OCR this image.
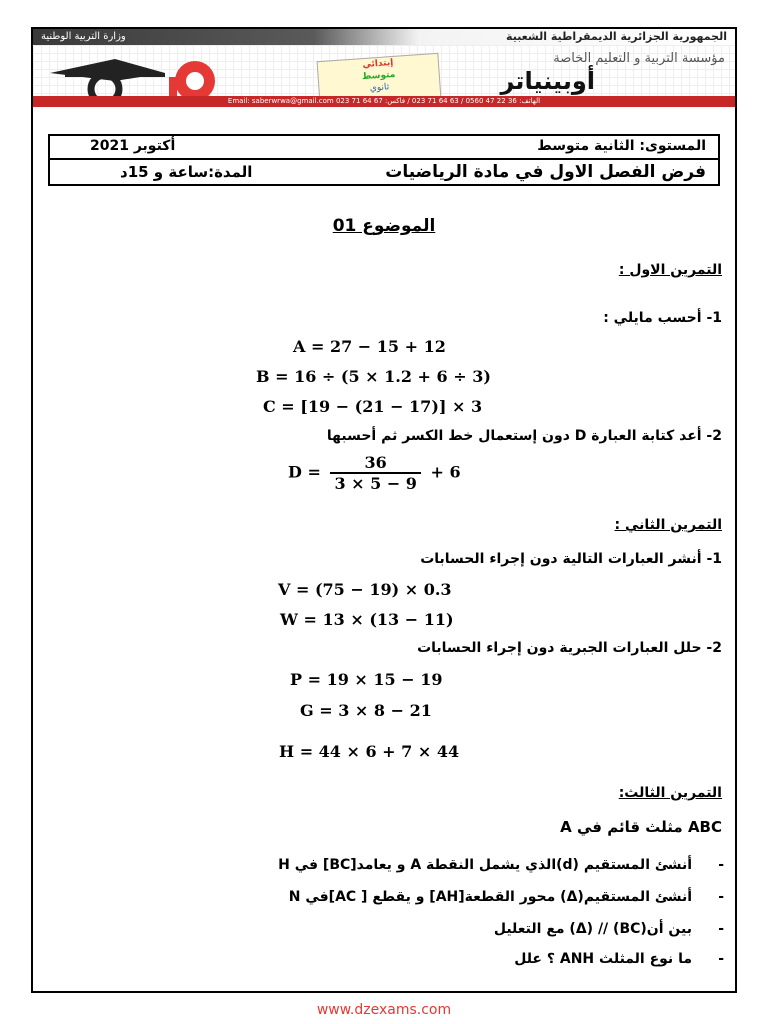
الجمهورية الجزائرية الديمقراطية الشعبية
وزارة التربية الوطنية
إبتدائي
متوسط
ثانوي
مؤسسة التربية و التعليم الخاصة
أوبينياتر
الهاتف: 36 22 47 0560 / 63 64 71 023 / فاكس: 67 64 71 023 Email: saberwrwa@gmail.com
المستوى: الثانية متوسط
أكتوبر 2021
فرض الفصل الاول في مادة الرياضيات
المدة:ساعة و 15د
الموضوع 01
التمرين الاول :
1- أحسب مايلي :
A = 27 − 15 + 12
B = 16 ÷ (5 × 1.2 + 6 ÷ 3)
C = [19 − (21 − 17)] × 3
2- أعد كتابة العبارة D دون إستعمال خط الكسر ثم أحسبها
$D = \frac{36}{3 \times 5 - 9} + 6$
التمرين الثاني :
1- أنشر العبارات التالية دون إجراء الحسابات
V = (75 − 19) × 0.3
W = 13 × (13 − 11)
2- حلل العبارات الجبرية دون إجراء الحسابات
P = 19 × 15 − 19
G = 3 × 8 − 21
H = 44 × 6 + 7 × 44
التمرين الثالث:
ABC مثلث قائم في A
-
أنشئ المستقيم (d)الذي يشمل النقطة A و يعامد[BC] في H
-
أنشئ المستقيم(Δ) محور القطعة[AH] و يقطع [ AC]في N
-
بين أن(BC) // (Δ) مع التعليل
-
ما نوع المثلث ANH ؟ علل
www.dzexams.com
